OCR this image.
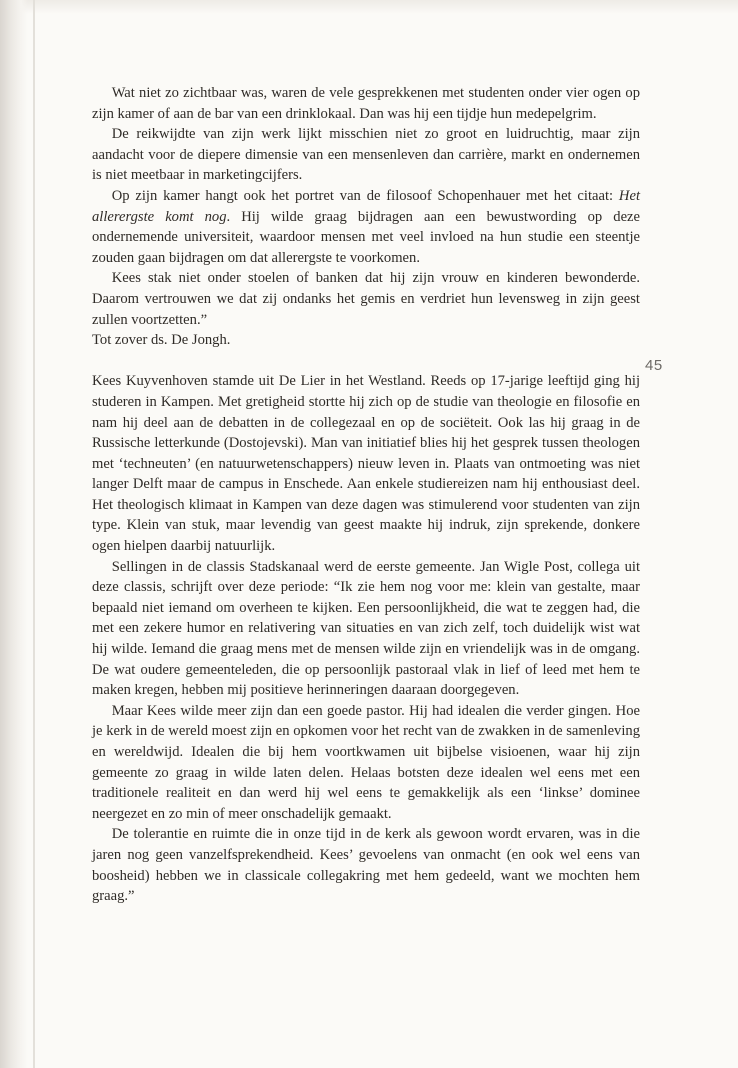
45

Wat niet zo zichtbaar was, waren de vele gesprekkenen met studenten onder vier ogen op zijn kamer of aan de bar van een drinklokaal. Dan was hij een tijdje hun medepelgrim.

De reikwijdte van zijn werk lijkt misschien niet zo groot en luidruchtig, maar zijn aandacht voor de diepere dimensie van een mensenleven dan carrière, markt en ondernemen is niet meetbaar in marketingcijfers.

Op zijn kamer hangt ook het portret van de filosoof Schopenhauer met het citaat: Het allerergste komt nog. Hij wilde graag bijdragen aan een bewustwording op deze ondernemende universiteit, waardoor mensen met veel invloed na hun studie een steentje zouden gaan bijdragen om dat allerergste te voorkomen.

Kees stak niet onder stoelen of banken dat hij zijn vrouw en kinderen bewonderde. Daarom vertrouwen we dat zij ondanks het gemis en verdriet hun levensweg in zijn geest zullen voortzetten.”

Tot zover ds. De Jongh.

Kees Kuyvenhoven stamde uit De Lier in het Westland. Reeds op 17-jarige leeftijd ging hij studeren in Kampen. Met gretigheid stortte hij zich op de studie van theologie en filosofie en nam hij deel aan de debatten in de collegezaal en op de sociëteit. Ook las hij graag in de Russische letterkunde (Dostojevski). Man van initiatief blies hij het gesprek tussen theologen met ‘techneuten’ (en natuurwetenschappers) nieuw leven in. Plaats van ontmoeting was niet langer Delft maar de campus in Enschede. Aan enkele studiereizen nam hij enthousiast deel. Het theologisch klimaat in Kampen van deze dagen was stimulerend voor studenten van zijn type. Klein van stuk, maar levendig van geest maakte hij indruk, zijn sprekende, donkere ogen hielpen daarbij natuurlijk.

Sellingen in de classis Stadskanaal werd de eerste gemeente. Jan Wigle Post, collega uit deze classis, schrijft over deze periode: “Ik zie hem nog voor me: klein van gestalte, maar bepaald niet iemand om overheen te kijken. Een persoonlijkheid, die wat te zeggen had, die met een zekere humor en relativering van situaties en van zich zelf, toch duidelijk wist wat hij wilde. Iemand die graag mens met de mensen wilde zijn en vriendelijk was in de omgang. De wat oudere gemeenteleden, die op persoonlijk pastoraal vlak in lief of leed met hem te maken kregen, hebben mij positieve herinneringen daaraan doorgegeven.

Maar Kees wilde meer zijn dan een goede pastor. Hij had idealen die verder gingen. Hoe je kerk in de wereld moest zijn en opkomen voor het recht van de zwakken in de samenleving en wereldwijd. Idealen die bij hem voortkwamen uit bijbelse visioenen, waar hij zijn gemeente zo graag in wilde laten delen. Helaas botsten deze idealen wel eens met een traditionele realiteit en dan werd hij wel eens te gemakkelijk als een ‘linkse’ dominee neergezet en zo min of meer onschadelijk gemaakt.

De tolerantie en ruimte die in onze tijd in de kerk als gewoon wordt ervaren, was in die jaren nog geen vanzelfsprekendheid. Kees’ gevoelens van onmacht (en ook wel eens van boosheid) hebben we in classicale collegakring met hem gedeeld, want we mochten hem graag.”
